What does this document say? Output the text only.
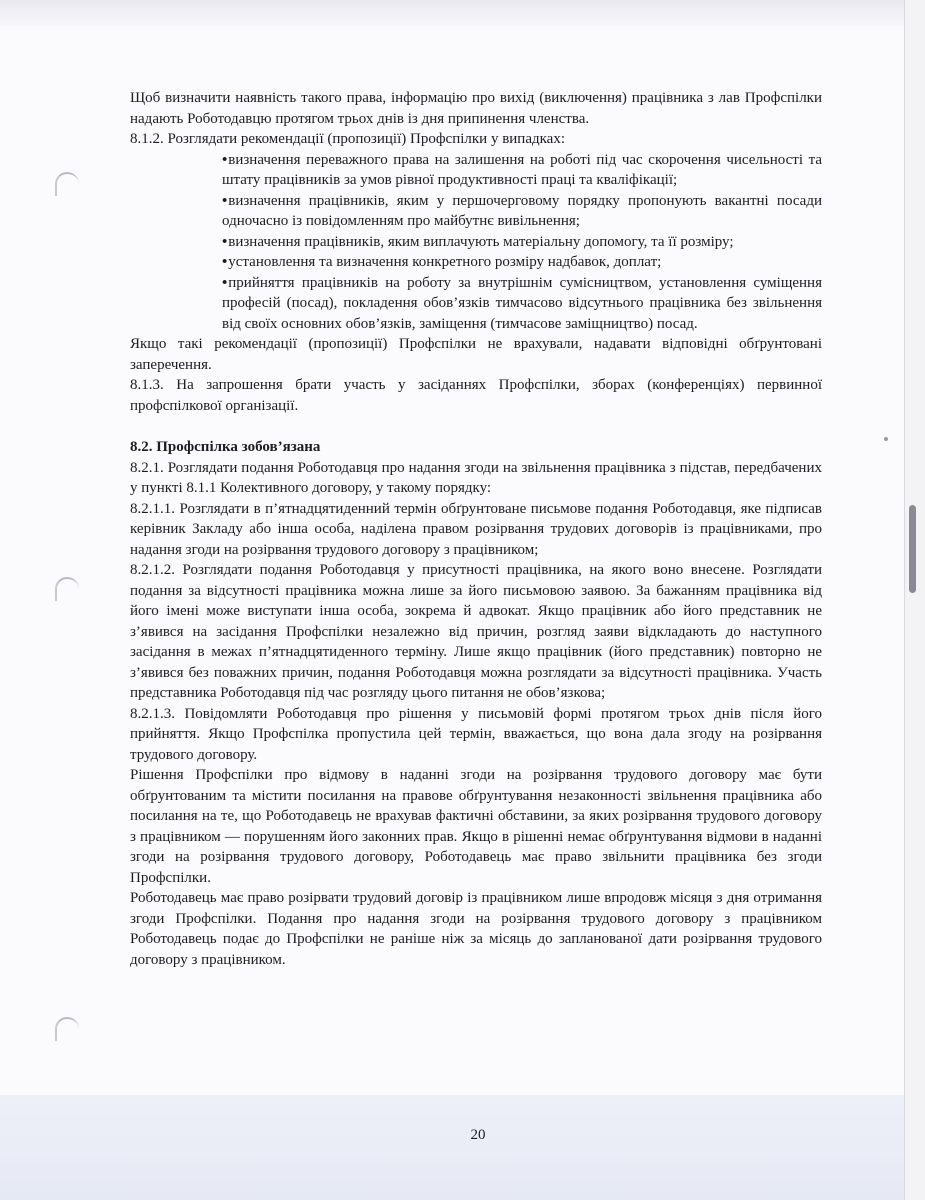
Щоб визначити наявність такого права, інформацію про вихід (виключення) працівника з лав Профспілки надають Роботодавцю протягом трьох днів із дня припинення членства.

8.1.2. Розглядати рекомендації (пропозиції) Профспілки у випадках:

• визначення переважного права на залишення на роботі під час скорочення чисельності та штату працівників за умов рівної продуктивності праці та кваліфікації;

• визначення працівників, яким у першочерговому порядку пропонують вакантні посади одночасно із повідомленням про майбутнє вивільнення;

• визначення працівників, яким виплачують матеріальну допомогу, та її розміру;

• установлення та визначення конкретного розміру надбавок, доплат;

• прийняття працівників на роботу за внутрішнім сумісництвом, установлення суміщення професій (посад), покладення обов’язків тимчасово відсутнього працівника без звільнення від своїх основних обов’язків, заміщення (тимчасове заміщництво) посад.

Якщо такі рекомендації (пропозиції) Профспілки не врахували, надавати відповідні обґрунтовані заперечення.

8.1.3. На запрошення брати участь у засіданнях Профспілки, зборах (конференціях) первинної профспілкової організації.

8.2. Профспілка зобов’язана

8.2.1. Розглядати подання Роботодавця про надання згоди на звільнення працівника з підстав, передбачених у пункті 8.1.1 Колективного договору, у такому порядку:

8.2.1.1. Розглядати в п’ятнадцятиденний термін обґрунтоване письмове подання Роботодавця, яке підписав керівник Закладу або інша особа, наділена правом розірвання трудових договорів із працівниками, про надання згоди на розірвання трудового договору з працівником;

8.2.1.2. Розглядати подання Роботодавця у присутності працівника, на якого воно внесене. Розглядати подання за відсутності працівника можна лише за його письмовою заявою. За бажанням працівника від його імені може виступати інша особа, зокрема й адвокат. Якщо працівник або його представник не з’явився на засідання Профспілки незалежно від причин, розгляд заяви відкладають до наступного засідання в межах п’ятнадцятиденного терміну. Лише якщо працівник (його представник) повторно не з’явився без поважних причин, подання Роботодавця можна розглядати за відсутності працівника. Участь представника Роботодавця під час розгляду цього питання не обов’язкова;

8.2.1.3. Повідомляти Роботодавця про рішення у письмовій формі протягом трьох днів після його прийняття. Якщо Профспілка пропустила цей термін, вважається, що вона дала згоду на розірвання трудового договору.

Рішення Профспілки про відмову в наданні згоди на розірвання трудового договору має бути обґрунтованим та містити посилання на правове обґрунтування незаконності звільнення працівника або посилання на те, що Роботодавець не врахував фактичні обставини, за яких розірвання трудового договору з працівником — порушенням його законних прав. Якщо в рішенні немає обґрунтування відмови в наданні згоди на розірвання трудового договору, Роботодавець має право звільнити працівника без згоди Профспілки.

Роботодавець має право розірвати трудовий договір із працівником лише впродовж місяця з дня отримання згоди Профспілки. Подання про надання згоди на розірвання трудового договору з працівником Роботодавець подає до Профспілки не раніше ніж за місяць до запланованої дати розірвання трудового договору з працівником.

20
